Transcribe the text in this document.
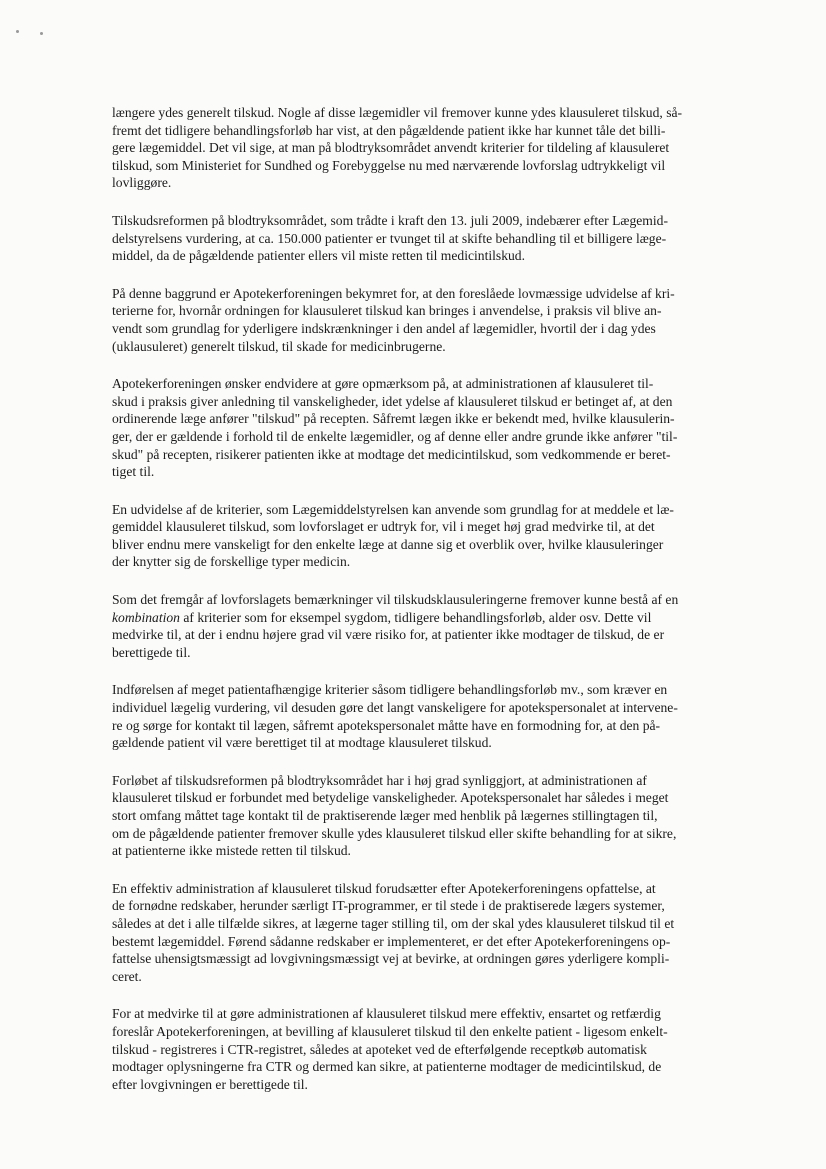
længere ydes generelt tilskud. Nogle af disse lægemidler vil fremover kunne ydes klausuleret tilskud, så-
fremt det tidligere behandlingsforløb har vist, at den pågældende patient ikke har kunnet tåle det billi-
gere lægemiddel. Det vil sige, at man på blodtryksområdet anvendt kriterier for tildeling af klausuleret
tilskud, som Ministeriet for Sundhed og Forebyggelse nu med nærværende lovforslag udtrykkeligt vil
lovliggøre.

Tilskudsreformen på blodtryksområdet, som trådte i kraft den 13. juli 2009, indebærer efter Lægemid-
delstyrelsens vurdering, at ca. 150.000 patienter er tvunget til at skifte behandling til et billigere læge-
middel, da de pågældende patienter ellers vil miste retten til medicintilskud.

På denne baggrund er Apotekerforeningen bekymret for, at den foreslåede lovmæssige udvidelse af kri-
terierne for, hvornår ordningen for klausuleret tilskud kan bringes i anvendelse, i praksis vil blive an-
vendt som grundlag for yderligere indskrænkninger i den andel af lægemidler, hvortil der i dag ydes
(uklausuleret) generelt tilskud, til skade for medicinbrugerne.

Apotekerforeningen ønsker endvidere at gøre opmærksom på, at administrationen af klausuleret til-
skud i praksis giver anledning til vanskeligheder, idet ydelse af klausuleret tilskud er betinget af, at den
ordinerende læge anfører "tilskud" på recepten. Såfremt lægen ikke er bekendt med, hvilke klausulerin-
ger, der er gældende i forhold til de enkelte lægemidler, og af denne eller andre grunde ikke anfører "til-
skud" på recepten, risikerer patienten ikke at modtage det medicintilskud, som vedkommende er beret-
tiget til.

En udvidelse af de kriterier, som Lægemiddelstyrelsen kan anvende som grundlag for at meddele et læ-
gemiddel klausuleret tilskud, som lovforslaget er udtryk for, vil i meget høj grad medvirke til, at det
bliver endnu mere vanskeligt for den enkelte læge at danne sig et overblik over, hvilke klausuleringer
der knytter sig de forskellige typer medicin.

Som det fremgår af lovforslagets bemærkninger vil tilskudsklausuleringerne fremover kunne bestå af en
kombination af kriterier som for eksempel sygdom, tidligere behandlingsforløb, alder osv. Dette vil
medvirke til, at der i endnu højere grad vil være risiko for, at patienter ikke modtager de tilskud, de er
berettigede til.

Indførelsen af meget patientafhængige kriterier såsom tidligere behandlingsforløb mv., som kræver en
individuel lægelig vurdering, vil desuden gøre det langt vanskeligere for apotekspersonalet at intervene-
re og sørge for kontakt til lægen, såfremt apotekspersonalet måtte have en formodning for, at den på-
gældende patient vil være berettiget til at modtage klausuleret tilskud.

Forløbet af tilskudsreformen på blodtryksområdet har i høj grad synliggjort, at administrationen af
klausuleret tilskud er forbundet med betydelige vanskeligheder. Apotekspersonalet har således i meget
stort omfang måttet tage kontakt til de praktiserende læger med henblik på lægernes stillingtagen til,
om de pågældende patienter fremover skulle ydes klausuleret tilskud eller skifte behandling for at sikre,
at patienterne ikke mistede retten til tilskud.

En effektiv administration af klausuleret tilskud forudsætter efter Apotekerforeningens opfattelse, at
de fornødne redskaber, herunder særligt IT-programmer, er til stede i de praktiserede lægers systemer,
således at det i alle tilfælde sikres, at lægerne tager stilling til, om der skal ydes klausuleret tilskud til et
bestemt lægemiddel. Førend sådanne redskaber er implementeret, er det efter Apotekerforeningens op-
fattelse uhensigtsmæssigt ad lovgivningsmæssigt vej at bevirke, at ordningen gøres yderligere kompli-
ceret.

For at medvirke til at gøre administrationen af klausuleret tilskud mere effektiv, ensartet og retfærdig
foreslår Apotekerforeningen, at bevilling af klausuleret tilskud til den enkelte patient - ligesom enkelt-
tilskud - registreres i CTR-registret, således at apoteket ved de efterfølgende receptkøb automatisk
modtager oplysningerne fra CTR og dermed kan sikre, at patienterne modtager de medicintilskud, de
efter lovgivningen er berettigede til.
